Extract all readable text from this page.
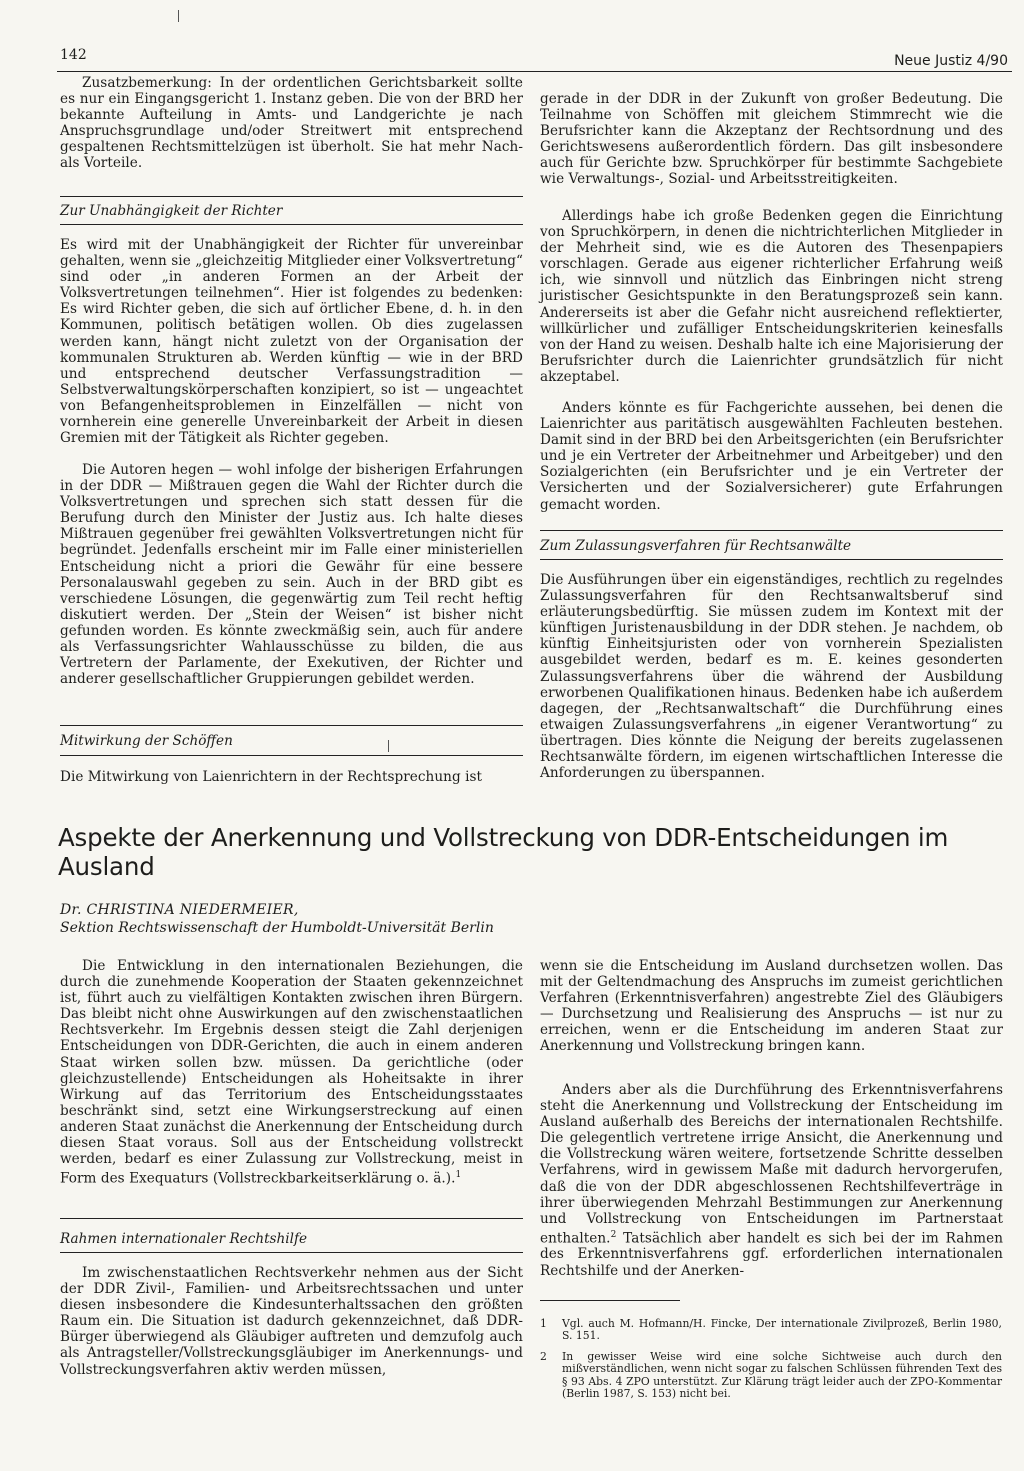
142	Neue Justiz 4/90

Zusatzbemerkung: In der ordentlichen Gerichtsbarkeit sollte es nur ein Eingangsgericht 1. Instanz geben. Die von der BRD her bekannte Aufteilung in Amts- und Landgerichte je nach Anspruchsgrundlage und/oder Streitwert mit entsprechend gespaltenen Rechtsmittelzügen ist überholt. Sie hat mehr Nach- als Vorteile.

Zur Unabhängigkeit der Richter

Es wird mit der Unabhängigkeit der Richter für unvereinbar gehalten, wenn sie „gleichzeitig Mitglieder einer Volksvertretung“ sind oder „in anderen Formen an der Arbeit der Volksvertretungen teilnehmen“. Hier ist folgendes zu bedenken: Es wird Richter geben, die sich auf örtlicher Ebene, d. h. in den Kommunen, politisch betätigen wollen. Ob dies zugelassen werden kann, hängt nicht zuletzt von der Organisation der kommunalen Strukturen ab. Werden künftig — wie in der BRD und entsprechend deutscher Verfassungstradition — Selbstverwaltungskörperschaften konzipiert, so ist — ungeachtet von Befangenheitsproblemen in Einzelfällen — nicht von vornherein eine generelle Unvereinbarkeit der Arbeit in diesen Gremien mit der Tätigkeit als Richter gegeben.

Die Autoren hegen — wohl infolge der bisherigen Erfahrungen in der DDR — Mißtrauen gegen die Wahl der Richter durch die Volksvertretungen und sprechen sich statt dessen für die Berufung durch den Minister der Justiz aus. Ich halte dieses Mißtrauen gegenüber frei gewählten Volksvertretungen nicht für begründet. Jedenfalls erscheint mir im Falle einer ministeriellen Entscheidung nicht a priori die Gewähr für eine bessere Personalauswahl gegeben zu sein. Auch in der BRD gibt es verschiedene Lösungen, die gegenwärtig zum Teil recht heftig diskutiert werden. Der „Stein der Weisen“ ist bisher nicht gefunden worden. Es könnte zweckmäßig sein, auch für andere als Verfassungsrichter Wahlausschüsse zu bilden, die aus Vertretern der Parlamente, der Exekutiven, der Richter und anderer gesellschaftlicher Gruppierungen gebildet werden.

Mitwirkung der Schöffen

Die Mitwirkung von Laienrichtern in der Rechtsprechung ist

gerade in der DDR in der Zukunft von großer Bedeutung. Die Teilnahme von Schöffen mit gleichem Stimmrecht wie die Berufsrichter kann die Akzeptanz der Rechtsordnung und des Gerichtswesens außerordentlich fördern. Das gilt insbesondere auch für Gerichte bzw. Spruchkörper für bestimmte Sachgebiete wie Verwaltungs-, Sozial- und Arbeitsstreitigkeiten.

Allerdings habe ich große Bedenken gegen die Einrichtung von Spruchkörpern, in denen die nichtrichterlichen Mitglieder in der Mehrheit sind, wie es die Autoren des Thesenpapiers vorschlagen. Gerade aus eigener richterlicher Erfahrung weiß ich, wie sinnvoll und nützlich das Einbringen nicht streng juristischer Gesichtspunkte in den Beratungsprozeß sein kann. Andererseits ist aber die Gefahr nicht ausreichend reflektierter, willkürlicher und zufälliger Entscheidungskriterien keinesfalls von der Hand zu weisen. Deshalb halte ich eine Majorisierung der Berufsrichter durch die Laienrichter grundsätzlich für nicht akzeptabel.

Anders könnte es für Fachgerichte aussehen, bei denen die Laienrichter aus paritätisch ausgewählten Fachleuten bestehen. Damit sind in der BRD bei den Arbeitsgerichten (ein Berufsrichter und je ein Vertreter der Arbeitnehmer und Arbeitgeber) und den Sozialgerichten (ein Berufsrichter und je ein Vertreter der Versicherten und der Sozialversicherer) gute Erfahrungen gemacht worden.

Zum Zulassungsverfahren für Rechtsanwälte

Die Ausführungen über ein eigenständiges, rechtlich zu regelndes Zulassungsverfahren für den Rechtsanwaltsberuf sind erläuterungsbedürftig. Sie müssen zudem im Kontext mit der künftigen Juristenausbildung in der DDR stehen. Je nachdem, ob künftig Einheitsjuristen oder von vornherein Spezialisten ausgebildet werden, bedarf es m. E. keines gesonderten Zulassungsverfahrens über die während der Ausbildung erworbenen Qualifikationen hinaus. Bedenken habe ich außerdem dagegen, der „Rechtsanwaltschaft“ die Durchführung eines etwaigen Zulassungsverfahrens „in eigener Verantwortung“ zu übertragen. Dies könnte die Neigung der bereits zugelassenen Rechtsanwälte fördern, im eigenen wirtschaftlichen Interesse die Anforderungen zu überspannen.

Aspekte der Anerkennung und Vollstreckung von DDR-Entscheidungen im Ausland

Dr. CHRISTINA NIEDERMEIER,
Sektion Rechtswissenschaft der Humboldt-Universität Berlin

Die Entwicklung in den internationalen Beziehungen, die durch die zunehmende Kooperation der Staaten gekennzeichnet ist, führt auch zu vielfältigen Kontakten zwischen ihren Bürgern. Das bleibt nicht ohne Auswirkungen auf den zwischenstaatlichen Rechtsverkehr. Im Ergebnis dessen steigt die Zahl derjenigen Entscheidungen von DDR-Gerichten, die auch in einem anderen Staat wirken sollen bzw. müssen. Da gerichtliche (oder gleichzustellende) Entscheidungen als Hoheitsakte in ihrer Wirkung auf das Territorium des Entscheidungsstaates beschränkt sind, setzt eine Wirkungserstreckung auf einen anderen Staat zunächst die Anerkennung der Entscheidung durch diesen Staat voraus. Soll aus der Entscheidung vollstreckt werden, bedarf es einer Zulassung zur Vollstreckung, meist in Form des Exequaturs (Vollstreckbarkeitserklärung o. ä.).$^1$

Rahmen internationaler Rechtshilfe

Im zwischenstaatlichen Rechtsverkehr nehmen aus der Sicht der DDR Zivil-, Familien- und Arbeitsrechtssachen und unter diesen insbesondere die Kindesunterhaltssachen den größten Raum ein. Die Situation ist dadurch gekennzeichnet, daß DDR-Bürger überwiegend als Gläubiger auftreten und demzufolg auch als Antragsteller/Vollstreckungsgläubiger im Anerkennungs- und Vollstreckungsverfahren aktiv werden müssen,

wenn sie die Entscheidung im Ausland durchsetzen wollen. Das mit der Geltendmachung des Anspruchs im zumeist gerichtlichen Verfahren (Erkenntnisverfahren) angestrebte Ziel des Gläubigers — Durchsetzung und Realisierung des Anspruchs — ist nur zu erreichen, wenn er die Entscheidung im anderen Staat zur Anerkennung und Vollstreckung bringen kann.

Anders aber als die Durchführung des Erkenntnisverfahrens steht die Anerkennung und Vollstreckung der Entscheidung im Ausland außerhalb des Bereichs der internationalen Rechtshilfe. Die gelegentlich vertretene irrige Ansicht, die Anerkennung und die Vollstreckung wären weitere, fortsetzende Schritte desselben Verfahrens, wird in gewissem Maße mit dadurch hervorgerufen, daß die von der DDR abgeschlossenen Rechtshilfeverträge in ihrer überwiegenden Mehrzahl Bestimmungen zur Anerkennung und Vollstreckung von Entscheidungen im Partnerstaat enthalten.$^2$ Tatsächlich aber handelt es sich bei der im Rahmen des Erkenntnisverfahrens ggf. erforderlichen internationalen Rechtshilfe und der Anerken-

1 Vgl. auch M. Hofmann/H. Fincke, Der internationale Zivilprozeß, Berlin 1980, S. 151.
2 In gewisser Weise wird eine solche Sichtweise auch durch den mißverständlichen, wenn nicht sogar zu falschen Schlüssen führenden Text des § 93 Abs. 4 ZPO unterstützt. Zur Klärung trägt leider auch der ZPO-Kommentar (Berlin 1987, S. 153) nicht bei.
